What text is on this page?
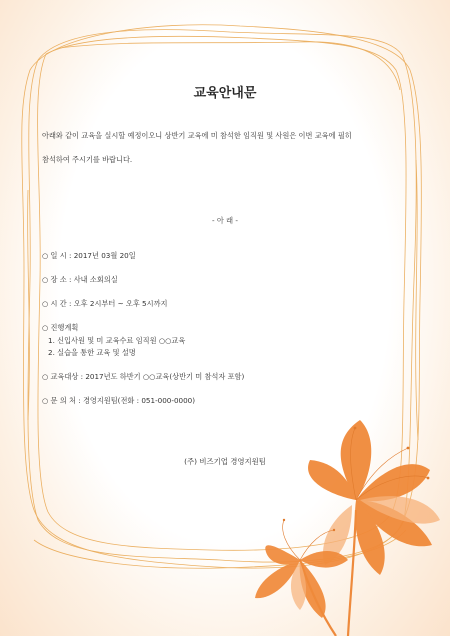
교육안내문
아래와 같이 교육을 실시할 예정이오니 상반기 교육에 미 참석한 임직원 및 사원은 이번 교육에 필히
참석하여 주시기를 바랍니다.
- 아 래 -
○ 일 시 : 2017년 03월 20일
○ 장 소 : 사내 소회의실
○ 시 간 : 오후 2시부터 ~ 오후 5시까지
○ 진행계획
1. 신입사원 및 미 교육수료 임직원 ○○교육
2. 실습을 통한 교육 및 설명
○ 교육대상 : 2017년도 하반기 ○○교육(상반기 미 참석자 포함)
○ 문 의 처 : 경영지원팀(전화 : 051-000-0000)
(주) 비즈기업 경영지원팀
